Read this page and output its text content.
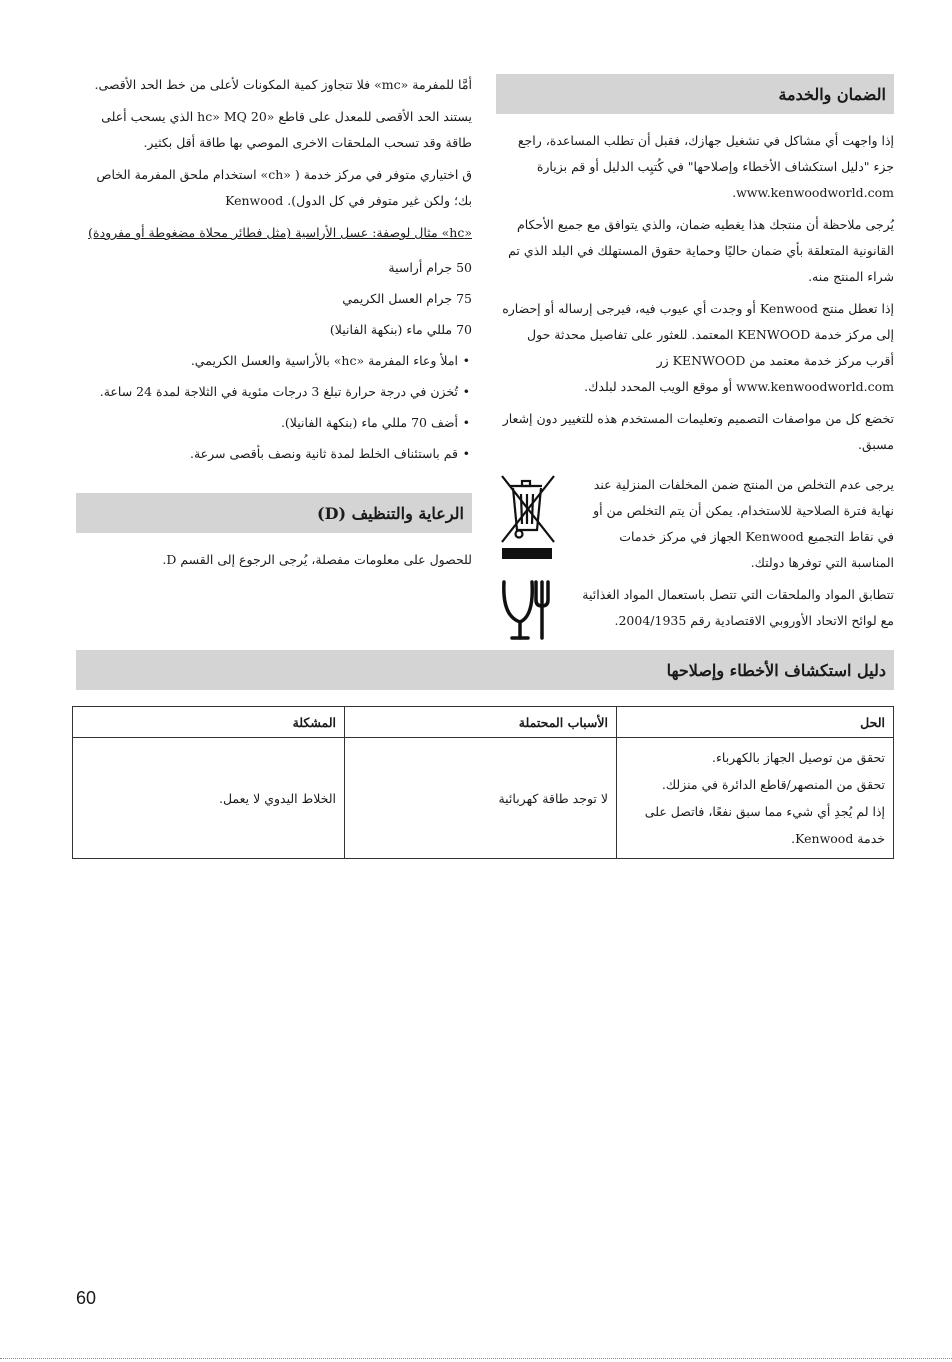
الضمان والخدمة

إذا واجهت أي مشاكل في تشغيل جهازك، فقبل أن تطلب المساعدة، راجع جزء "دليل استكشاف الأخطاء وإصلاحها" في كُتيِب الدليل أو قم بزيارة www.kenwoodworld.com.

يُرجى ملاحظة أن منتجك هذا يغطيه ضمان، والذي يتوافق مع جميع الأحكام القانونية المتعلقة بأي ضمان حاليًا وحماية حقوق المستهلك في البلد الذي تم شراء المنتج منه.

إذا تعطل منتج Kenwood أو وجدت أي عيوب فيه، فيرجى إرساله أو إحضاره إلى مركز خدمة KENWOOD المعتمد. للعثور على تفاصيل محدثة حول أقرب مركز خدمة معتمد من KENWOOD زر www.kenwoodworld.com أو موقع الويب المحدد لبلدك.

تخضع كل من مواصفات التصميم وتعليمات المستخدم هذه للتغيير دون إشعار مسبق.

يرجى عدم التخلص من المنتج ضمن المخلفات المنزلية عند نهاية فترة الصلاحية للاستخدام. يمكن أن يتم التخلص من أو في نقاط التجميع Kenwood الجهاز في مركز خدمات المناسبة التي توفرها دولتك.

تتطابق المواد والملحقات التي تتصل باستعمال المواد الغذائية مع لوائح الاتحاد الأوروبي الاقتصادية رقم 2004/1935.

أمَّا للمفرمة «mc» فلا تتجاوز كمية المكونات لأعلى من خط الحد الأقصى.

يستند الحد الأقصى للمعدل على قاطع «hc» MQ 20 الذي يسحب أعلى طاقة وقد تسحب الملحقات الاخرى الموصي بها طاقة أقل بكثير.

ق اختياري متوفر في مركز خدمة ( «ch» استخدام ملحق المفرمة الخاص بك؛ ولكن غير متوفر في كل الدول). Kenwood

«hc» مثال لوصفة: عسل الأراسية (مثل فطائر محلاة مضغوطة أو مفرودة)

50 جرام أراسية

75 جرام العسل الكريمي

70 مللي ماء (بنكهة الفانيلا)

• املأ وعاء المفرمة «hc» بالأراسية والعسل الكريمي.
• تُخزن في درجة حرارة تبلغ 3 درجات مئوية في الثلاجة لمدة 24 ساعة.
• أضف 70 مللي ماء (بنكهة الفانيلا).
• قم باستئناف الخلط لمدة ثانية ونصف بأقصى سرعة.
الرعاية والتنظيف (D)

للحصول على معلومات مفصلة، يُرجى الرجوع إلى القسم D.

دليل استكشاف الأخطاء وإصلاحها
الحل	الأسباب المحتملة	المشكلة

تحقق من توصيل الجهاز بالكهرباء.
تحقق من المنصهر/قاطع الدائرة في منزلك.
إذا لم يُجدِ أي شيء مما سبق نفعًا، فاتصل على خدمة Kenwood.	لا توجد طاقة كهربائية	الخلاط اليدوي لا يعمل.
60
